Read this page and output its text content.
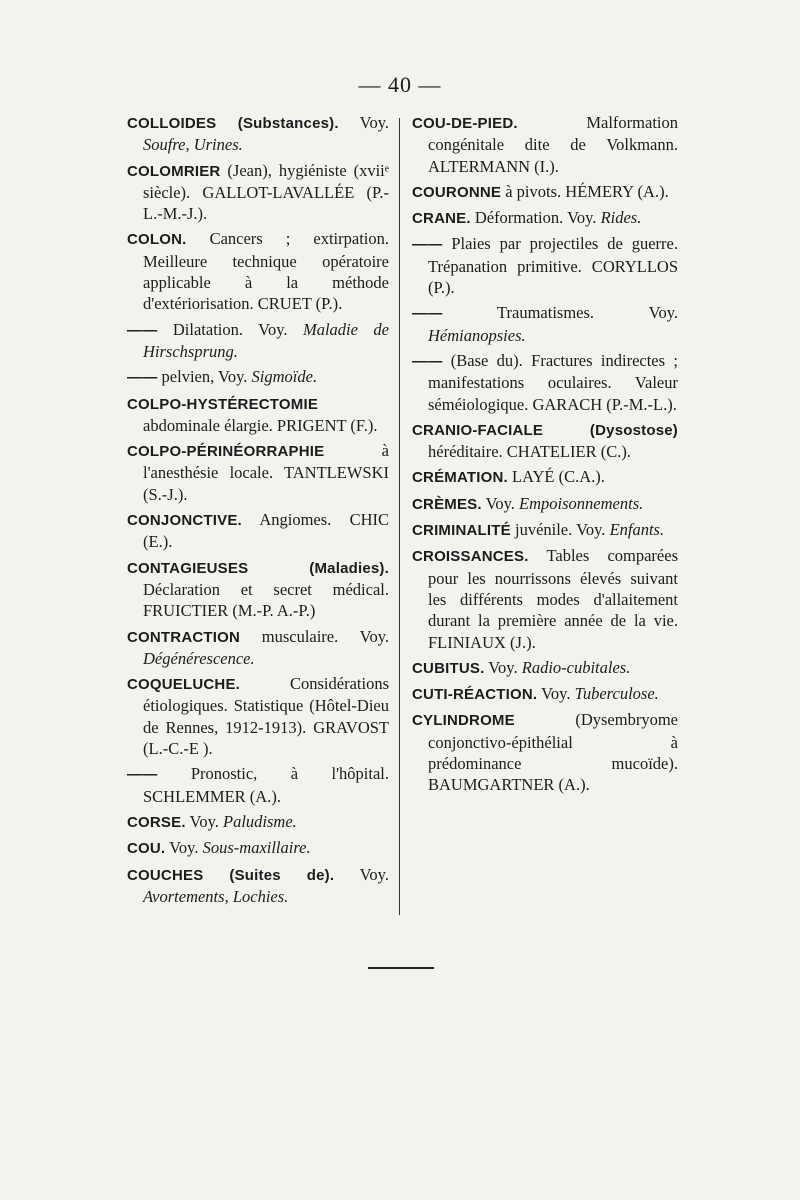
— 40 —

COLLOIDES (Substances). Voy. Soufre, Urines.

COLOMRIER (Jean), hygiéniste (xviiᵉ siècle). GALLOT-LAVALLÉE (P.-L.-M.-J.).

COLON. Cancers ; extirpation. Meilleure technique opératoire applicable à la méthode d'extériorisation. CRUET (P.).

—— Dilatation. Voy. Maladie de Hirschsprung.

—— pelvien, Voy. Sigmoïde.

COLPO-HYSTÉRECTOMIE abdominale élargie. PRIGENT (F.).

COLPO-PÉRINÉORRAPHIE à l'anesthésie locale. TANTLEWSKI (S.-J.).

CONJONCTIVE. Angiomes. CHIC (E.).

CONTAGIEUSES (Maladies). Déclaration et secret médical. FRUICTIER (M.-P. A.-P.)

CONTRACTION musculaire. Voy. Dégénérescence.

COQUELUCHE. Considérations étiologiques. Statistique (Hôtel-Dieu de Rennes, 1912-1913). GRAVOST (L.-C.-E ).

—— Pronostic, à l'hôpital. SCHLEMMER (A.).

CORSE. Voy. Paludisme.

COU. Voy. Sous-maxillaire.

COUCHES (Suites de). Voy. Avortements, Lochies.

COU-DE-PIED. Malformation congénitale dite de Volkmann. ALTERMANN (I.).

COURONNE à pivots. HÉMERY (A.).

CRANE. Déformation. Voy. Rides.

—— Plaies par projectiles de guerre. Trépanation primitive. CORYLLOS (P.).

—— Traumatismes. Voy. Hémianopsies.

—— (Base du). Fractures indirectes ; manifestations oculaires. Valeur séméiologique. GARACH (P.-M.-L.).

CRANIO-FACIALE (Dysostose) héréditaire. CHATELIER (C.).

CRÉMATION. LAYÉ (C.A.).

CRÈMES. Voy. Empoisonnements.

CRIMINALITÉ juvénile. Voy. Enfants.

CROISSANCES. Tables comparées pour les nourrissons élevés suivant les différents modes d'allaitement durant la première année de la vie. FLINIAUX (J.).

CUBITUS. Voy. Radio-cubitales.

CUTI-RÉACTION. Voy. Tuberculose.

CYLINDROME (Dysembryome conjonctivo-épithélial à prédominance mucoïde). BAUMGARTNER (A.).
